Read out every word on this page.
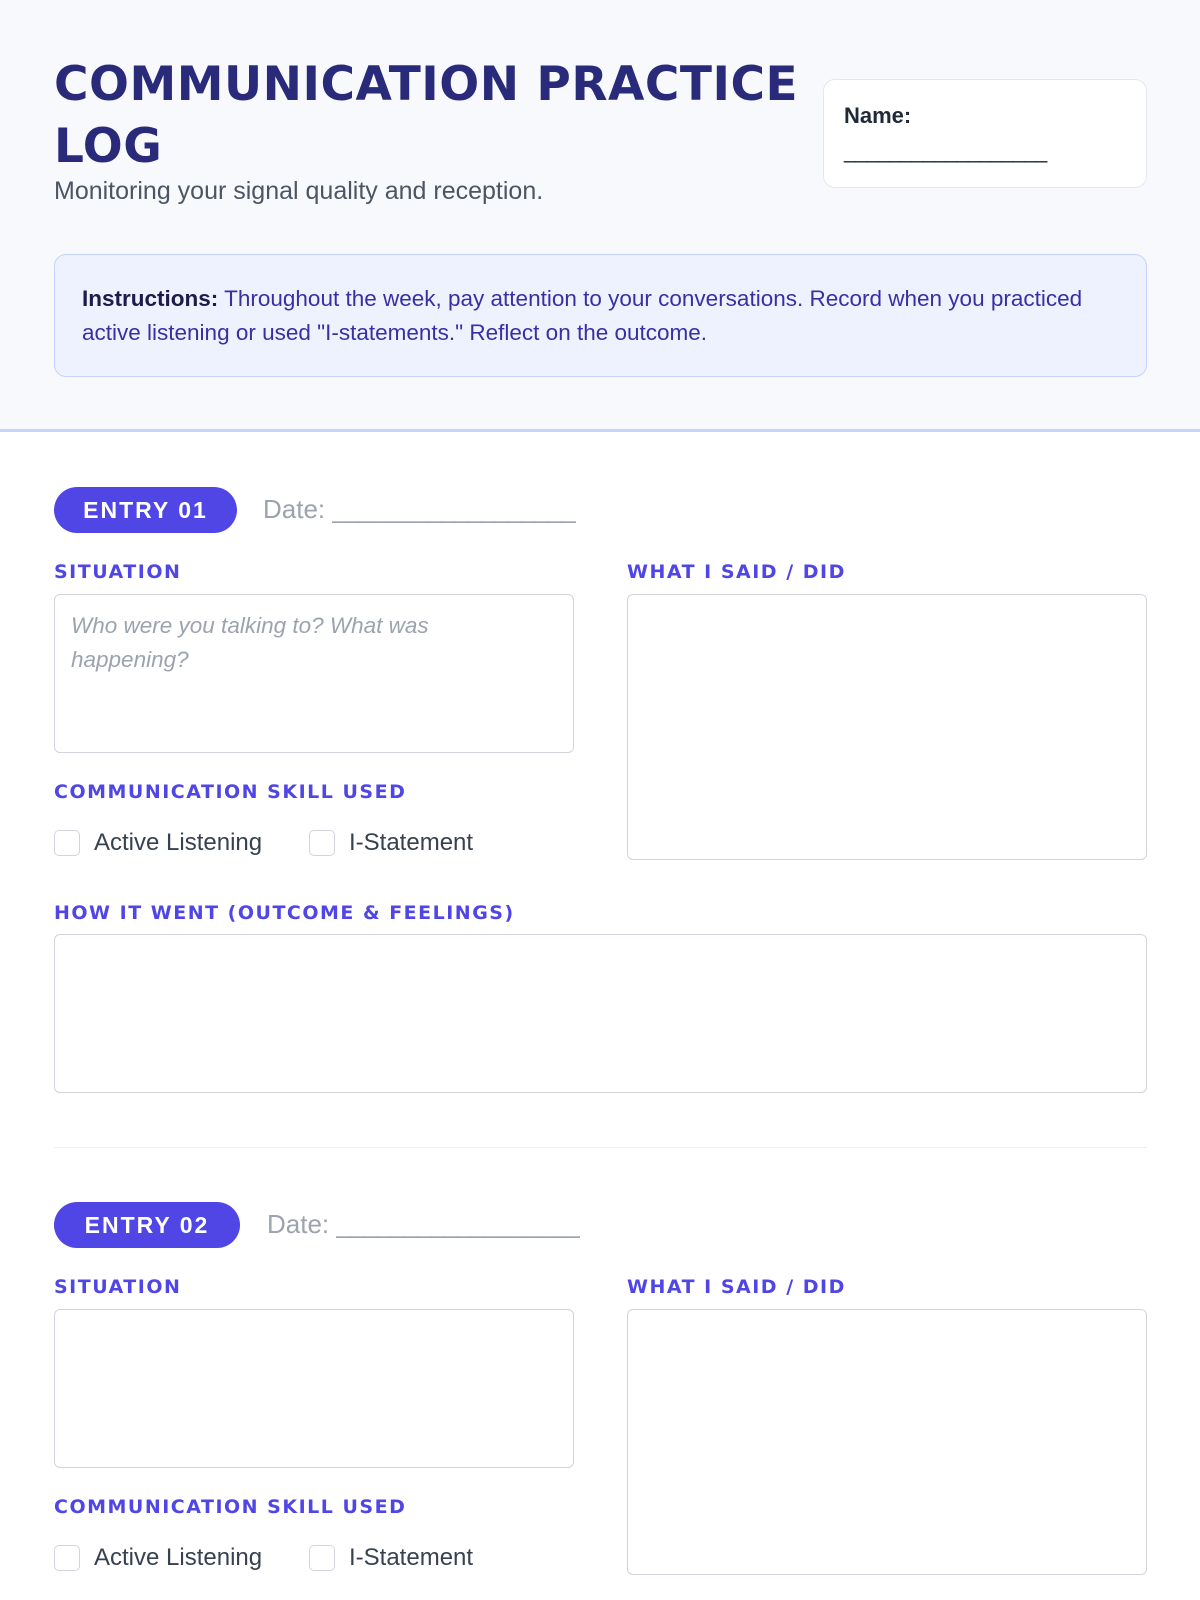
COMMUNICATION PRACTICE LOG
Monitoring your signal quality and reception.
Name:
__________________
Instructions: Throughout the week, pay attention to your conversations. Record when you practiced active listening or used "I-statements." Reflect on the outcome.
ENTRY 01	Date: __________________
SITUATION
Who were you talking to? What was happening?
WHAT I SAID / DID
COMMUNICATION SKILL USED
Active Listening	I-Statement
HOW IT WENT (OUTCOME & FEELINGS)
ENTRY 02	Date: __________________
SITUATION	WHAT I SAID / DID
COMMUNICATION SKILL USED
Active Listening	I-Statement
